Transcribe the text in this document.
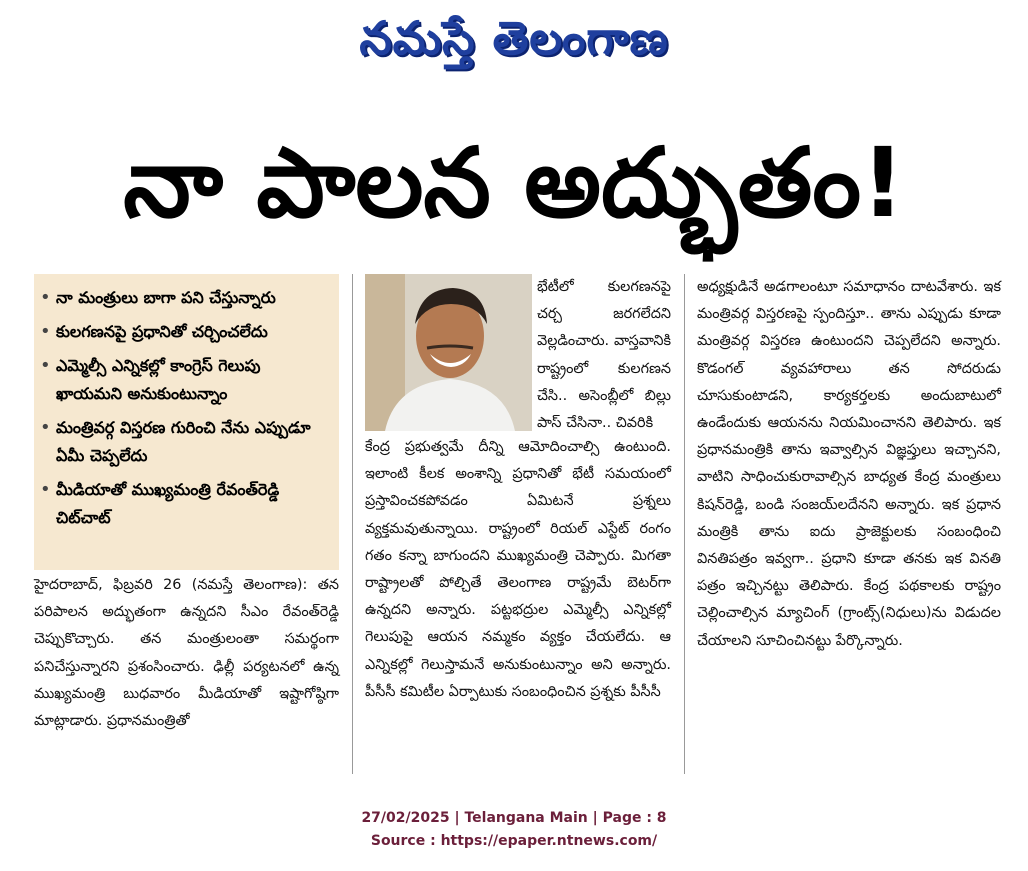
నమస్తే తెలంగాణ
నా పాలన అద్భుతం!
• నా మంత్రులు బాగా పని చేస్తున్నారు
• కులగణనపై ప్రధానితో చర్చించలేదు
• ఎమ్మెల్సీ ఎన్నికల్లో కాంగ్రెస్ గెలుపు ఖాయమని అనుకుంటున్నాం
• మంత్రివర్గ విస్తరణ గురించి నేను ఎప్పుడూ ఏమీ చెప్పలేదు
• మీడియాతో ముఖ్యమంత్రి రేవంత్‌రెడ్డి చిట్‌చాట్

హైదరాబాద్, ఫిబ్రవరి 26 (నమస్తే తెలంగాణ): తన పరిపాలన అద్భుతంగా ఉన్నదని సీఎం రేవంత్‌రెడ్డి చెప్పుకొచ్చారు. తన మంత్రులంతా సమర్థంగా పనిచేస్తున్నారని ప్రశంసించారు. ఢిల్లీ పర్యటనలో ఉన్న ముఖ్యమంత్రి బుధవారం మీడియాతో ఇష్టాగోష్ఠిగా మాట్లాడారు. ప్రధానమంత్రితో

భేటీలో కులగణనపై చర్చ జరగలేదని వెల్లడించారు. వాస్తవానికి రాష్ట్రంలో కులగణన చేసి.. అసెంబ్లీలో బిల్లు పాస్ చేసినా.. చివరికి

కేంద్ర ప్రభుత్వమే దీన్ని ఆమోదించాల్సి ఉంటుంది. ఇలాంటి కీలక అంశాన్ని ప్రధానితో భేటీ సమయంలో ప్రస్తావించకపోవడం ఏమిటనే ప్రశ్నలు వ్యక్తమవుతున్నాయి. రాష్ట్రంలో రియల్ ఎస్టేట్ రంగం గతం కన్నా బాగుందని ముఖ్యమంత్రి చెప్పారు. మిగతా రాష్ట్రాలతో పోల్చితే తెలంగాణ రాష్ట్రమే బెటర్‌గా ఉన్నదని అన్నారు. పట్టభద్రుల ఎమ్మెల్సీ ఎన్నికల్లో గెలుపుపై ఆయన నమ్మకం వ్యక్తం చేయలేదు. ఆ ఎన్నికల్లో గెలుస్తామనే అనుకుంటున్నాం అని అన్నారు. పీసీసీ కమిటీల ఏర్పాటుకు సంబంధించిన ప్రశ్నకు పీసీసీ

అధ్యక్షుడినే అడగాలంటూ సమాధానం దాటవేశారు. ఇక మంత్రివర్గ విస్తరణపై స్పందిస్తూ.. తాను ఎప్పుడు కూడా మంత్రివర్గ విస్తరణ ఉంటుందని చెప్పలేదని అన్నారు. కొడంగల్ వ్యవహారాలు తన సోదరుడు చూసుకుంటాడని, కార్యకర్తలకు అందుబాటులో ఉండేందుకు ఆయనను నియమించానని తెలిపారు. ఇక ప్రధానమంత్రికి తాను ఇవ్వాల్సిన విజ్ఞప్తులు ఇచ్చానని, వాటిని సాధించుకురావాల్సిన బాధ్యత కేంద్ర మంత్రులు కిషన్‌రెడ్డి, బండి సంజయ్‌లదేనని అన్నారు. ఇక ప్రధాన మంత్రికి తాను ఐదు ప్రాజెక్టులకు సంబంధించి వినతిపత్రం ఇవ్వగా.. ప్రధాని కూడా తనకు ఇక వినతి పత్రం ఇచ్చినట్టు తెలిపారు. కేంద్ర పథకాలకు రాష్ట్రం చెల్లించాల్సిన మ్యాచింగ్ (గ్రాంట్స్(నిధులు)ను విడుదల చేయాలని సూచించినట్టు పేర్కొన్నారు.

27/02/2025 | Telangana Main | Page : 8
Source : https://epaper.ntnews.com/
